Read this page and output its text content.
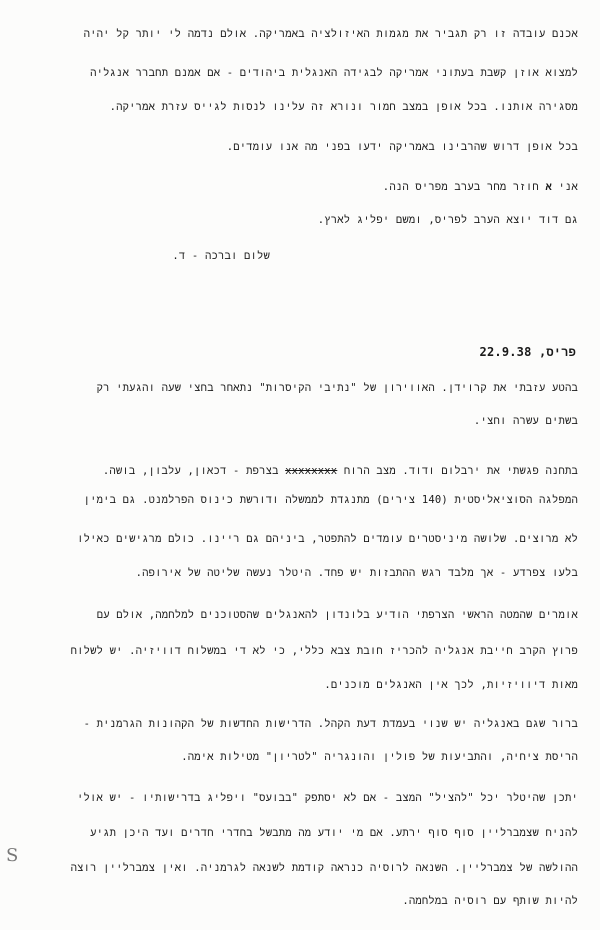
אכנם עובדה זו רק תגביר את מגמות האיזולציה באמריקה. אולם נדמה לי יותר קל יהיה
למצוא אוזן קשבת בעתוני אמריקה לבגידה האנגלית ביהודים - אם אמנם תחברר אנגליה
מסגירה אותנו. בכל אופן במצב חמור ונורא זה עלינו לנסות לגייס עזרת אמריקה.
בכל אופן דרוש שהרבינו באמריקה ידעו בפני מה אנו עומדים.
אני א חוזר מחר בערב מפריס הנה.
גם דוד יוצא הערב לפריס, ומשם יפליג לארץ.
שלום וברכה - ד.
פריס, 22.9.38
בהטע עזבתי את קרוידן. האווירון של "נתיבי הקיסרות" נתאחר בחצי שעה והגעתי רק
בשתים עשרה וחצי.
בתחנה פגשתי את ירבלום ודוד. מצב הרוח xxxxxxxx בצרפת - דכאון, עלבון, בושה.
המפלגה הסוציאליסטית (140 צירים) מתנגדת לממשלה ודורשת כינוס הפרלמנט. גם בימין
לא מרוצים. שלושה מיניסטרים עומדים להתפטר, ביניהם גם ריינו. כולם מרגישים כאילו
בלעו צפרדע - אך מלבד רגש ההתבזות יש פחד. היטלר נעשה שליטה של אירופה.
אומרים שהמטה הראשי הצרפתי הודיע בלונדון להאנגלים שהסטוכנים למלחמה, אולם עם
פרוץ הקרב חייבת אנגליה להכריז חובת צבא כללי, כי לא די במשלוח דוויזיה. יש לשלוח
מאות דיוויזיות, לכך אין האנגלים מוכנים.
ברור שגם באנגליה יש שנוי בעמדת דעת הקהל. הדרישות החדשות של הקהונות הגרמנית -
הריסת ציחיה, והתביעות של פולין והונגריה "לטריון" מטילות אימה.
יתכן שהיטלר יכל "להציל" המצב - אם לא יסתפק "בבועס" ויפליג בדרישותיו - יש אולי
להניח שצמברליין סוף סוף ירתע. אם מי יודע מה מתבשל בחדרי חדרים ועד היכן תגיע
ההולשה של צמברליין. השנאה לרוסיה כנראה קודמת לשנאה לגרמניה. ואין צמברליין רוצה
להיות שותף עם רוסיה במלחמה.
S
